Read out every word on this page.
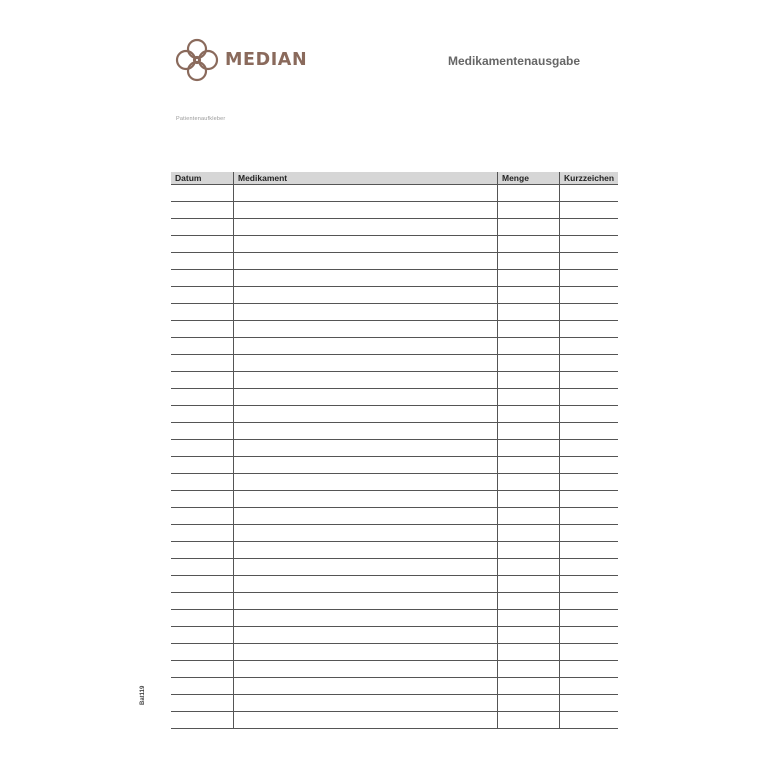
MEDIAN	Medikamentenausgabe
Patientenaufkleber
Bat119
Datum	Medikament	Menge	Kurzzeichen
